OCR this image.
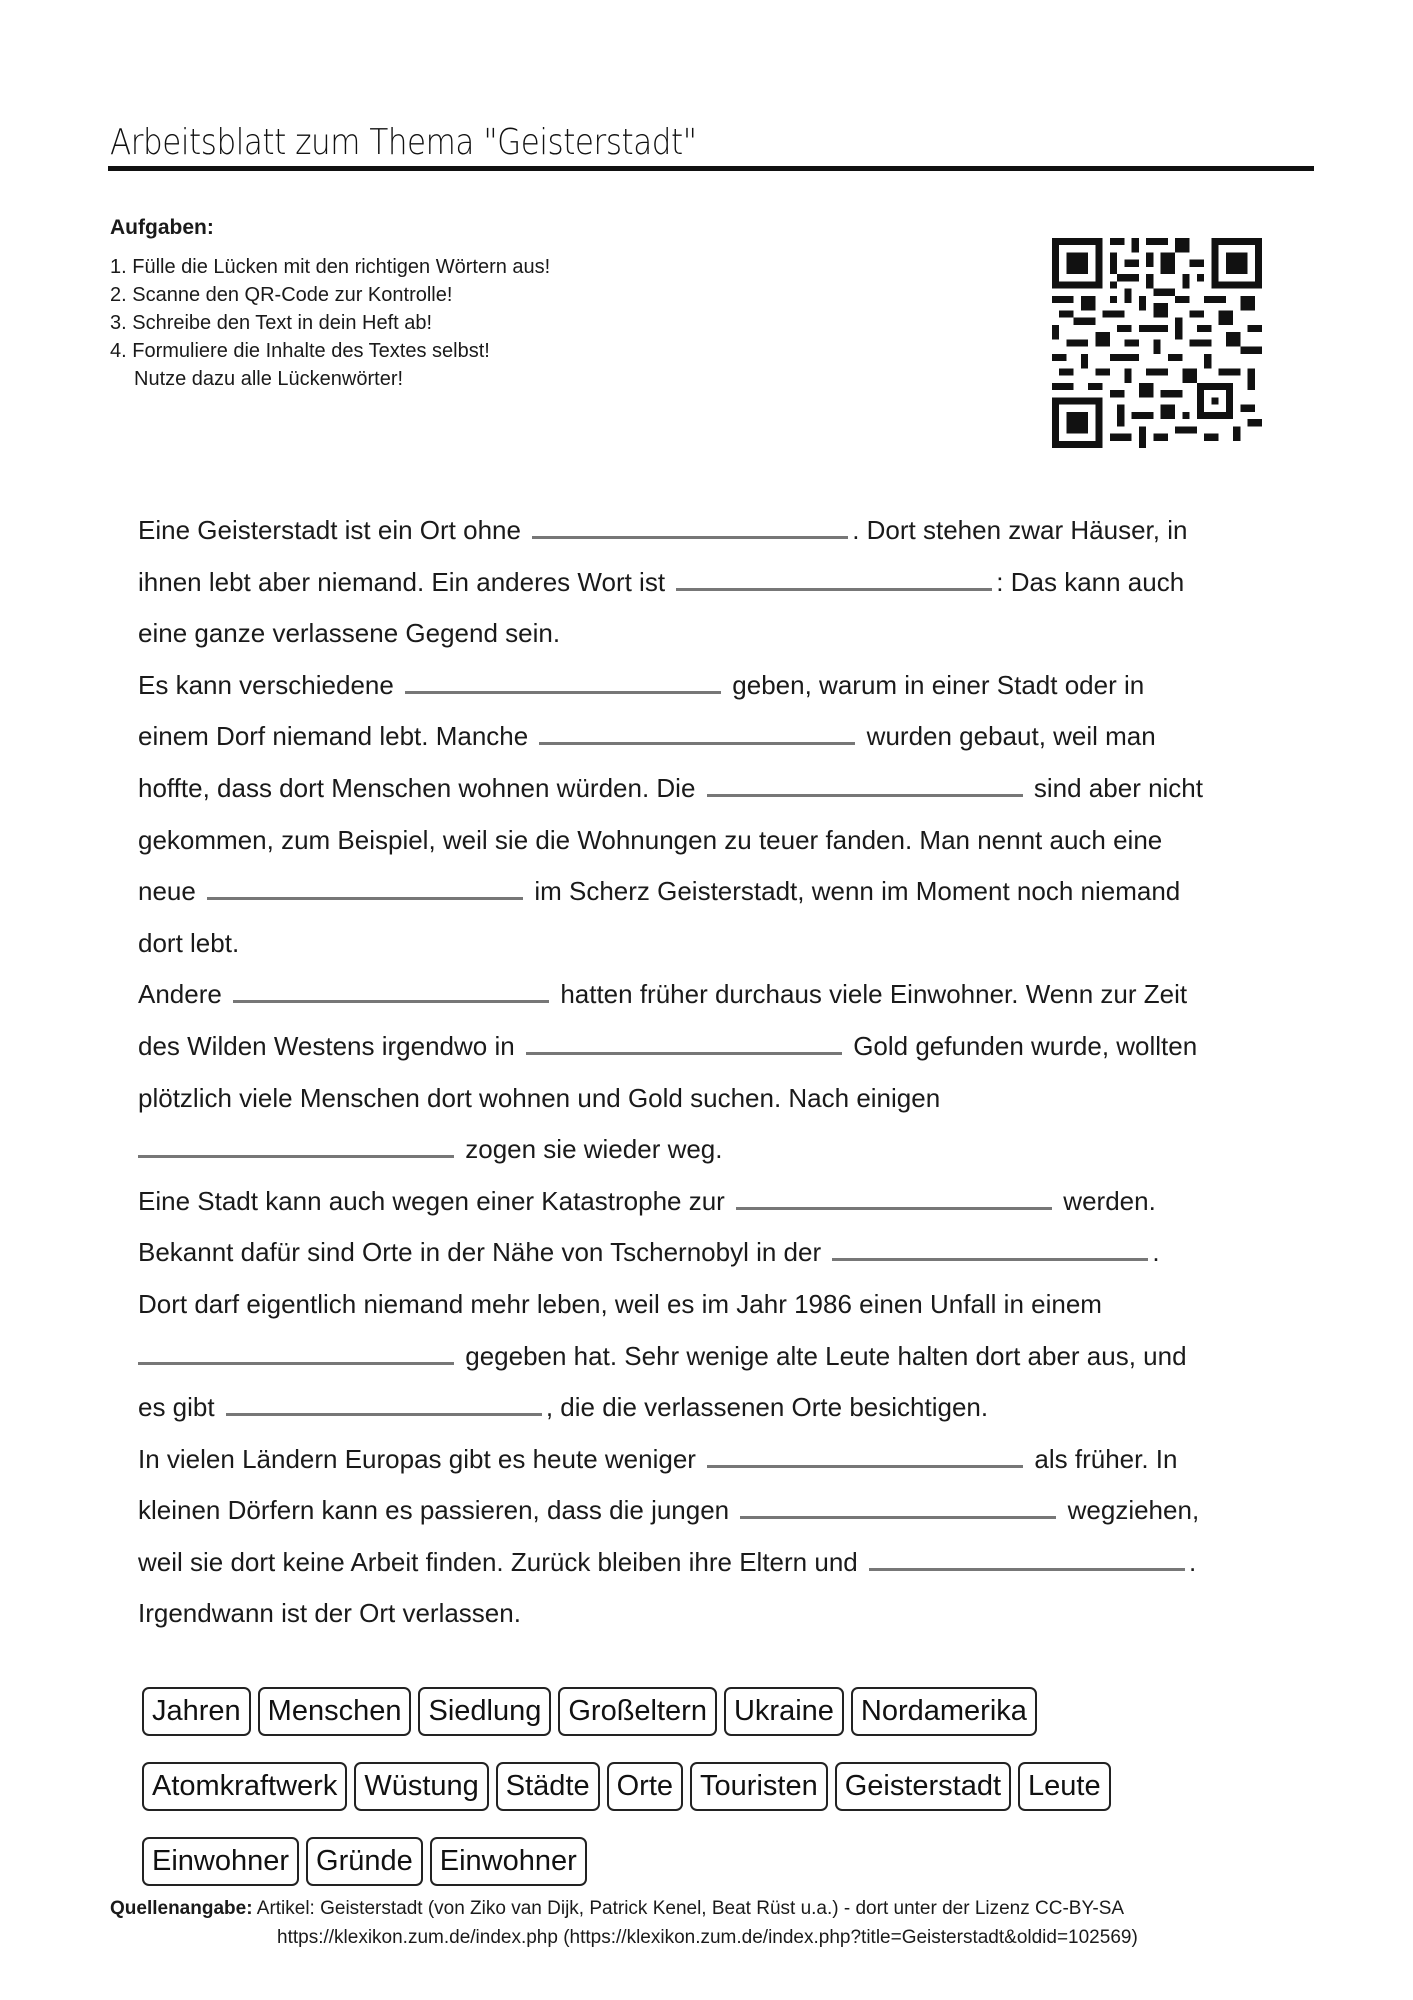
Arbeitsblatt zum Thema "Geisterstadt"
Aufgaben:
1. Fülle die Lücken mit den richtigen Wörtern aus!
2. Scanne den QR-Code zur Kontrolle!
3. Schreibe den Text in dein Heft ab!
4. Formuliere die Inhalte des Textes selbst!
Nutze dazu alle Lückenwörter!
Eine Geisterstadt ist ein Ort ohne	. Dort stehen zwar Häuser, in
ihnen lebt aber niemand. Ein anderes Wort ist	: Das kann auch
eine ganze verlassene Gegend sein.
Es kann verschiedene	geben, warum in einer Stadt oder in
einem Dorf niemand lebt. Manche	wurden gebaut, weil man
hoffte, dass dort Menschen wohnen würden. Die	sind aber nicht
gekommen, zum Beispiel, weil sie die Wohnungen zu teuer fanden. Man nennt auch eine
neue	im Scherz Geisterstadt, wenn im Moment noch niemand
dort lebt.
Andere	hatten früher durchaus viele Einwohner. Wenn zur Zeit
des Wilden Westens irgendwo in	Gold gefunden wurde, wollten
plötzlich viele Menschen dort wohnen und Gold suchen. Nach einigen
zogen sie wieder weg.
Eine Stadt kann auch wegen einer Katastrophe zur	werden.
Bekannt dafür sind Orte in der Nähe von Tschernobyl in der	.
Dort darf eigentlich niemand mehr leben, weil es im Jahr 1986 einen Unfall in einem
gegeben hat. Sehr wenige alte Leute halten dort aber aus, und
es gibt	, die die verlassenen Orte besichtigen.
In vielen Ländern Europas gibt es heute weniger	als früher. In
kleinen Dörfern kann es passieren, dass die jungen	wegziehen,
weil sie dort keine Arbeit finden. Zurück bleiben ihre Eltern und	.
Irgendwann ist der Ort verlassen.
Jahren Menschen Siedlung Großeltern Ukraine Nordamerika
Atomkraftwerk Wüstung Städte Orte Touristen Geisterstadt Leute
Einwohner Gründe Einwohner
Quellenangabe: Artikel: Geisterstadt (von Ziko van Dijk, Patrick Kenel, Beat Rüst u.a.) - dort unter der Lizenz CC-BY-SA
https://klexikon.zum.de/index.php (https://klexikon.zum.de/index.php?title=Geisterstadt&oldid=102569)
